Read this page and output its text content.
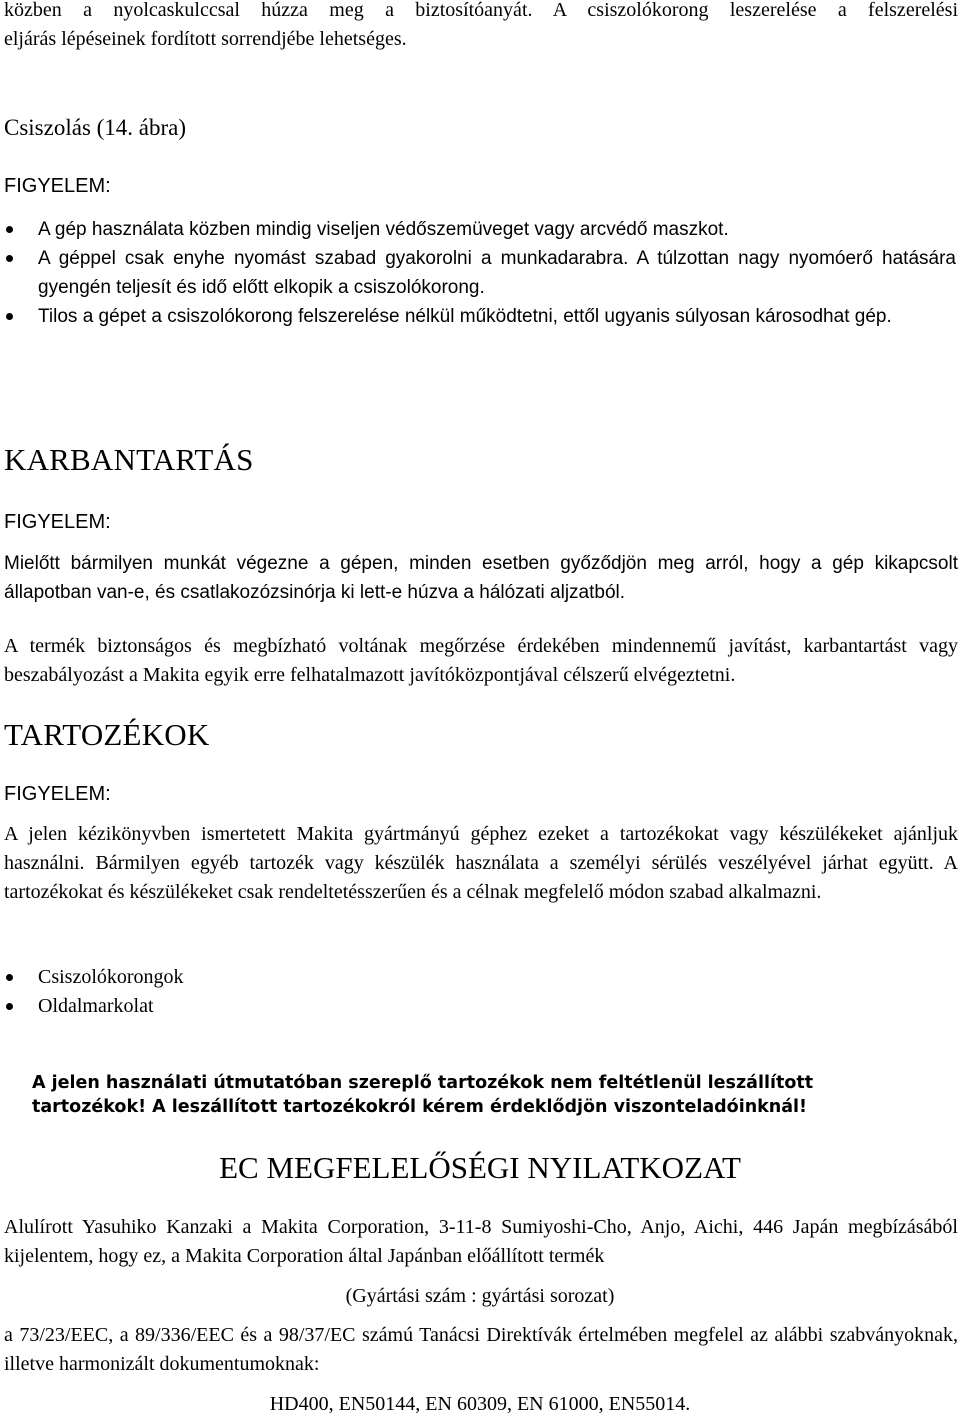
közben a nyolcaskulccsal húzza meg a biztosítóanyát. A csiszolókorong leszerelése a felszerelési
eljárás lépéseinek fordított sorrendjébe lehetséges.
Csiszolás (14. ábra)
FIGYELEM:
A gép használata közben mindig viseljen védőszemüveget vagy arcvédő maszkot.
A géppel csak enyhe nyomást szabad gyakorolni a munkadarabra. A túlzottan nagy nyomóerő hatására gyengén teljesít és idő előtt elkopik a csiszolókorong.
Tilos a gépet a csiszolókorong felszerelése nélkül működtetni, ettől ugyanis súlyosan károsodhat gép.
KARBANTARTÁS
FIGYELEM:
Mielőtt bármilyen munkát végezne a gépen, minden esetben győződjön meg arról, hogy a gép kikapcsolt állapotban van-e, és csatlakozózsinórja ki lett-e húzva a hálózati aljzatból.
A termék biztonságos és megbízható voltának megőrzése érdekében mindennemű javítást, karbantartást vagy beszabályozást a Makita egyik erre felhatalmazott javítóközpontjával célszerű elvégeztetni.
TARTOZÉKOK
FIGYELEM:
A jelen kézikönyvben ismertetett Makita gyártmányú géphez ezeket a tartozékokat vagy készülékeket ajánljuk használni. Bármilyen egyéb tartozék vagy készülék használata a személyi sérülés veszélyével járhat együtt. A tartozékokat és készülékeket csak rendeltetésszerűen és a célnak megfelelő módon szabad alkalmazni.
Csiszolókorongok
Oldalmarkolat
A jelen használati útmutatóban szereplő tartozékok nem feltétlenül leszállított
tartozékok! A leszállított tartozékokról kérem érdeklődjön viszonteladóinknál!
EC MEGFELELŐSÉGI NYILATKOZAT
Alulírott Yasuhiko Kanzaki a Makita Corporation, 3-11-8 Sumiyoshi-Cho, Anjo, Aichi, 446 Japán megbízásából kijelentem, hogy ez, a Makita Corporation által Japánban előállított termék
(Gyártási szám : gyártási sorozat)
a 73/23/EEC, a 89/336/EEC és a 98/37/EC számú Tanácsi Direktívák értelmében megfelel az alábbi szabványoknak, illetve harmonizált dokumentumoknak:
HD400, EN50144, EN 60309, EN 61000, EN55014.
